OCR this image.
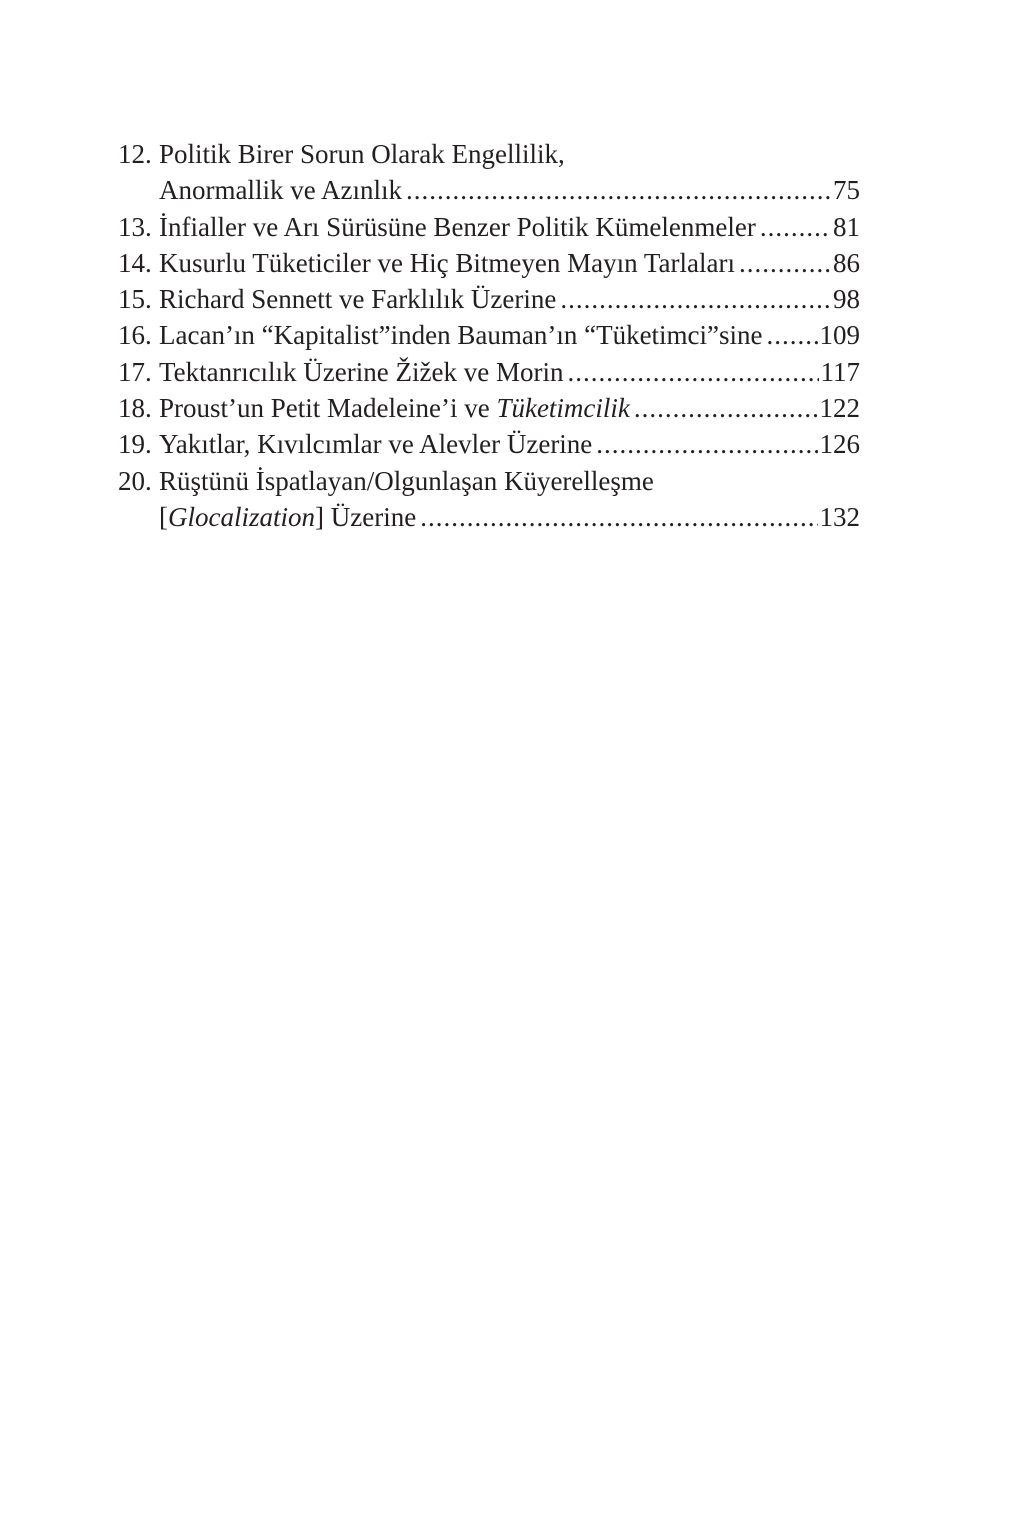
12. Politik Birer Sorun Olarak Engellilik,
Anormallik ve Azınlık .....	75
13. İnfialler ve Arı Sürüsüne Benzer Politik Kümelenmeler .....	81
14. Kusurlu Tüketiciler ve Hiç Bitmeyen Mayın Tarlaları .....	86
15. Richard Sennett ve Farklılık Üzerine .....	98
16. Lacan’ın “Kapitalist”inden Bauman’ın “Tüketimci”sine ..... 109
17. Tektanrıcılık Üzerine Žižek ve Morin .....	117
18. Proust’un Petit Madeleine’i ve Tüketimcilik .....	122
19. Yakıtlar, Kıvılcımlar ve Alevler Üzerine .....	126
20. Rüştünü İspatlayan/Olgunlaşan Küyerelleşme
[Glocalization] Üzerine .....	132
